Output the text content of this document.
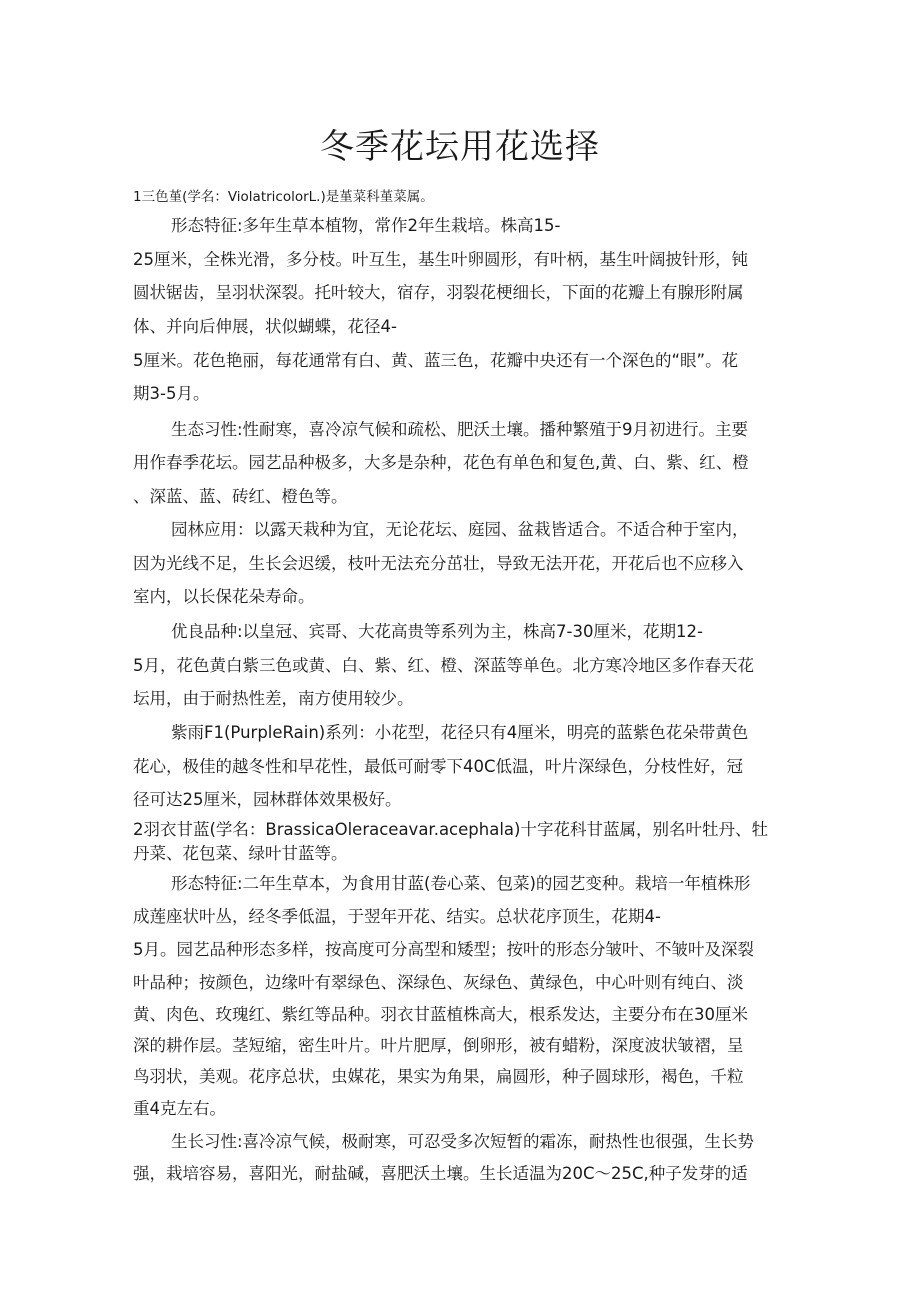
冬季花坛用花选择

1三色堇(学名：ViolatricolorL.)是堇菜科堇菜属。

形态特征:多年生草本植物，常作2年生栽培。株高15-

25厘米，全株光滑，多分枝。叶互生，基生叶卵圆形，有叶柄，基生叶阔披针形，钝

圆状锯齿，呈羽状深裂。托叶较大，宿存，羽裂花梗细长，下面的花瓣上有腺形附属

体、并向后伸展，状似蝴蝶，花径4-

5厘米。花色艳丽，每花通常有白、黄、蓝三色，花瓣中央还有一个深色的“眼”。花

期3-5月。

生态习性:性耐寒，喜冷凉气候和疏松、肥沃土壤。播种繁殖于9月初进行。主要

用作春季花坛。园艺品种极多，大多是杂种，花色有单色和复色,黄、白、紫、红、橙

、深蓝、蓝、砖红、橙色等。

园林应用：以露天栽种为宜，无论花坛、庭园、盆栽皆适合。不适合种于室内，

因为光线不足，生长会迟缓，枝叶无法充分茁壮，导致无法开花，开花后也不应移入

室内，以长保花朵寿命。

优良品种:以皇冠、宾哥、大花高贵等系列为主，株高7-30厘米，花期12-

5月，花色黄白紫三色或黄、白、紫、红、橙、深蓝等单色。北方寒冷地区多作春天花

坛用，由于耐热性差，南方使用较少。

紫雨F1(PurpleRain)系列：小花型，花径只有4厘米，明亮的蓝紫色花朵带黄色

花心，极佳的越冬性和早花性，最低可耐零下40C低温，叶片深绿色，分枝性好，冠

径可达25厘米，园林群体效果极好。

2羽衣甘蓝(学名：BrassicaOleraceavar.acephala)十字花科甘蓝属，别名叶牡丹、牡

丹菜、花包菜、绿叶甘蓝等。

形态特征:二年生草本，为食用甘蓝(卷心菜、包菜)的园艺变种。栽培一年植株形

成莲座状叶丛，经冬季低温，于翌年开花、结实。总状花序顶生，花期4-

5月。园艺品种形态多样，按高度可分高型和矮型；按叶的形态分皱叶、不皱叶及深裂

叶品种；按颜色，边缘叶有翠绿色、深绿色、灰绿色、黄绿色，中心叶则有纯白、淡

黄、肉色、玫瑰红、紫红等品种。羽衣甘蓝植株高大，根系发达，主要分布在30厘米

深的耕作层。茎短缩，密生叶片。叶片肥厚，倒卵形，被有蜡粉，深度波状皱褶，呈

鸟羽状，美观。花序总状，虫媒花，果实为角果，扁圆形，种子圆球形，褐色，千粒

重4克左右。

生长习性:喜冷凉气候，极耐寒，可忍受多次短暂的霜冻，耐热性也很强，生长势

强，栽培容易，喜阳光，耐盐碱，喜肥沃土壤。生长适温为20C～25C,种子发芽的适
